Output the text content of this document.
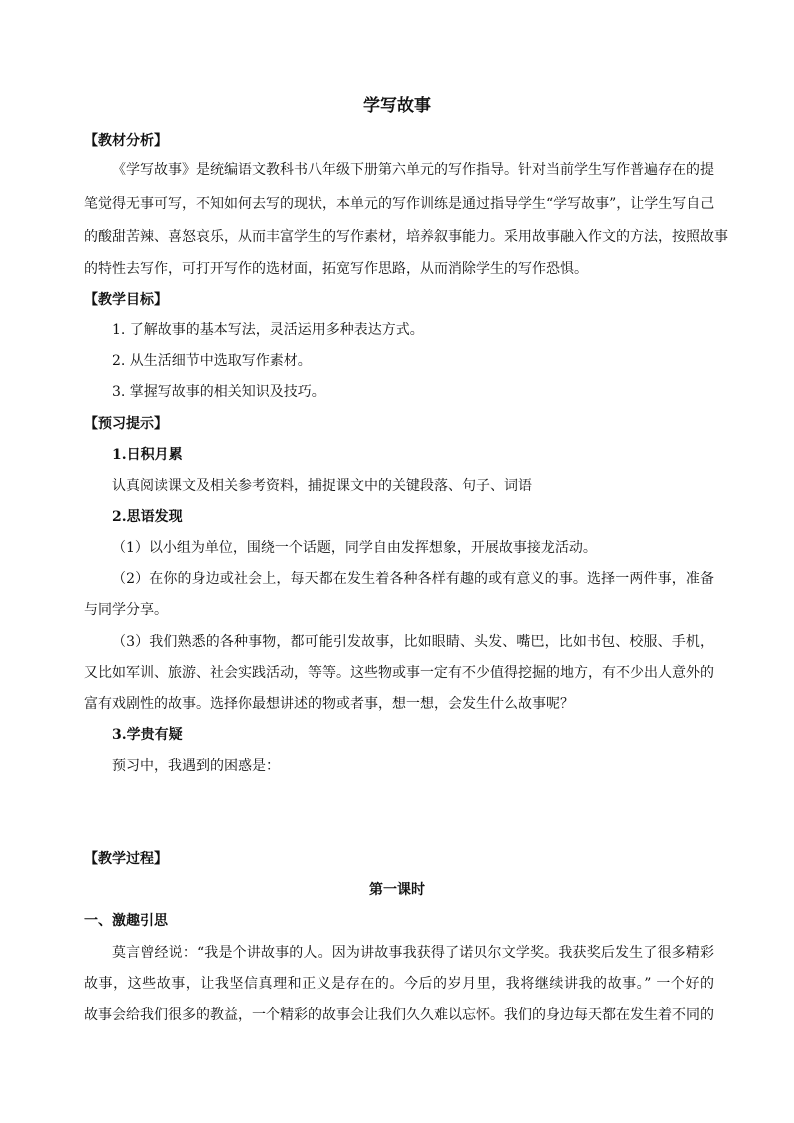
学写故事
【教材分析】
《学写故事》是统编语文教科书八年级下册第六单元的写作指导。针对当前学生写作普遍存在的提
笔觉得无事可写，不知如何去写的现状，本单元的写作训练是通过指导学生“学写故事”，让学生写自己
的酸甜苦辣、喜怒哀乐，从而丰富学生的写作素材，培养叙事能力。采用故事融入作文的方法，按照故事
的特性去写作，可打开写作的选材面，拓宽写作思路，从而消除学生的写作恐惧。
【教学目标】
1. 了解故事的基本写法，灵活运用多种表达方式。
2. 从生活细节中选取写作素材。
3. 掌握写故事的相关知识及技巧。
【预习提示】
1.日积月累
认真阅读课文及相关参考资料，捕捉课文中的关键段落、句子、词语
2.思语发现
（1）以小组为单位，围绕一个话题，同学自由发挥想象，开展故事接龙活动。
（2）在你的身边或社会上，每天都在发生着各种各样有趣的或有意义的事。选择一两件事，准备
与同学分享。
（3）我们熟悉的各种事物，都可能引发故事，比如眼睛、头发、嘴巴，比如书包、校服、手机，
又比如军训、旅游、社会实践活动，等等。这些物或事一定有不少值得挖掘的地方，有不少出人意外的
富有戏剧性的故事。选择你最想讲述的物或者事，想一想，会发生什么故事呢？
3.学贵有疑
预习中，我遇到的困惑是：
【教学过程】
第一课时
一、激趣引思
莫言曾经说：“我是个讲故事的人。因为讲故事我获得了诺贝尔文学奖。我获奖后发生了很多精彩
故事，这些故事，让我坚信真理和正义是存在的。今后的岁月里，我将继续讲我的故事。” 一个好的
故事会给我们很多的教益，一个精彩的故事会让我们久久难以忘怀。我们的身边每天都在发生着不同的
